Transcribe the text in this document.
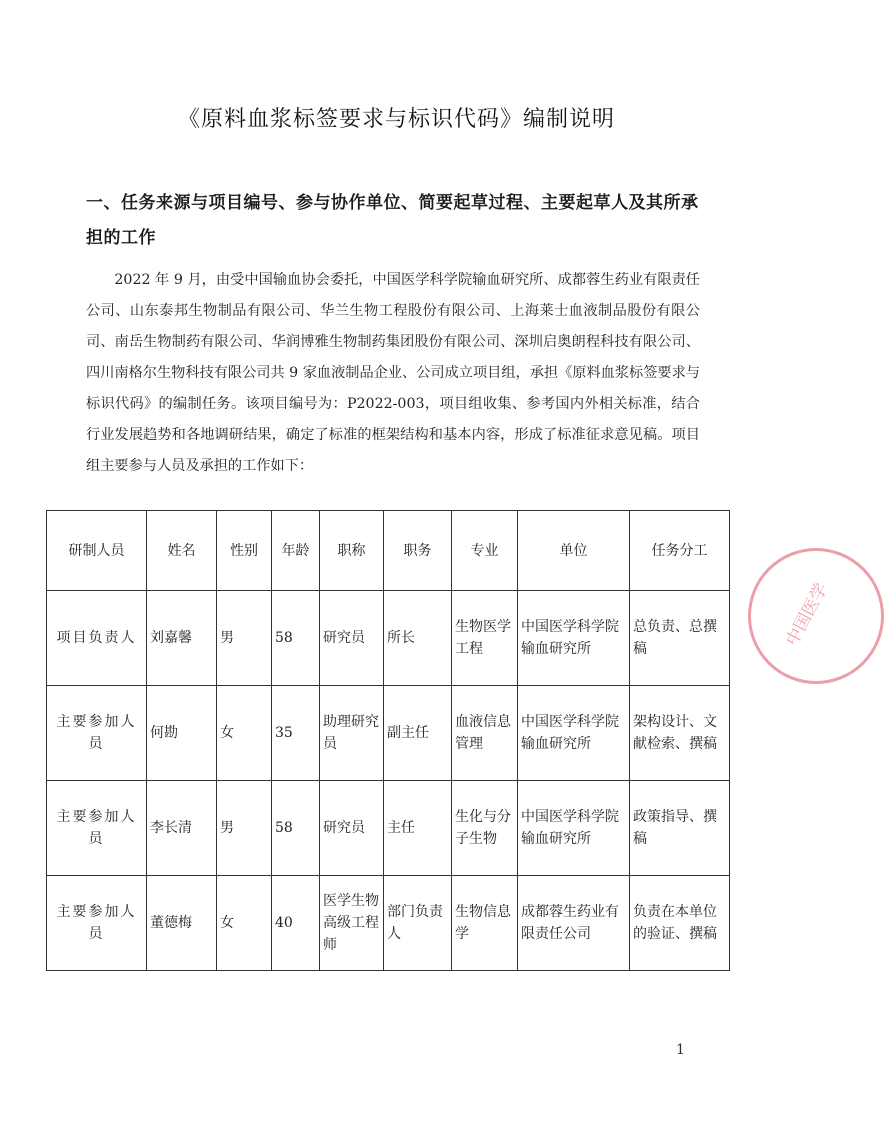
《原料血浆标签要求与标识代码》编制说明
一、任务来源与项目编号、参与协作单位、简要起草过程、主要起草人及其所承担的工作
2022 年 9 月，由受中国输血协会委托，中国医学科学院输血研究所、成都蓉生药业有限责任公司、山东泰邦生物制品有限公司、华兰生物工程股份有限公司、上海莱士血液制品股份有限公司、南岳生物制药有限公司、华润博雅生物制药集团股份有限公司、深圳启奥朗程科技有限公司、四川南格尔生物科技有限公司共 9 家血液制品企业、公司成立项目组，承担《原料血浆标签要求与标识代码》的编制任务。该项目编号为：P2022-003，项目组收集、参考国内外相关标准，结合行业发展趋势和各地调研结果，确定了标准的框架结构和基本内容，形成了标准征求意见稿。项目组主要参与人员及承担的工作如下：
研制人员	姓名	性别	年龄	职称	职务	专业	单位	任务分工
项目负责人	刘嘉馨	男	58	研究员	所长	生物医学工程	中国医学科学院输血研究所	总负责、总撰稿
主要参加人员	何勘	女	35	助理研究员	副主任	血液信息管理	中国医学科学院输血研究所	架构设计、文献检索、撰稿
主要参加人员	李长清	男	58	研究员	主任	生化与分子生物	中国医学科学院输血研究所	政策指导、撰稿
主要参加人员	董德梅	女	40	医学生物高级工程师	部门负责人	生物信息学	成都蓉生药业有限责任公司	负责在本单位的验证、撰稿
中国医学
1
